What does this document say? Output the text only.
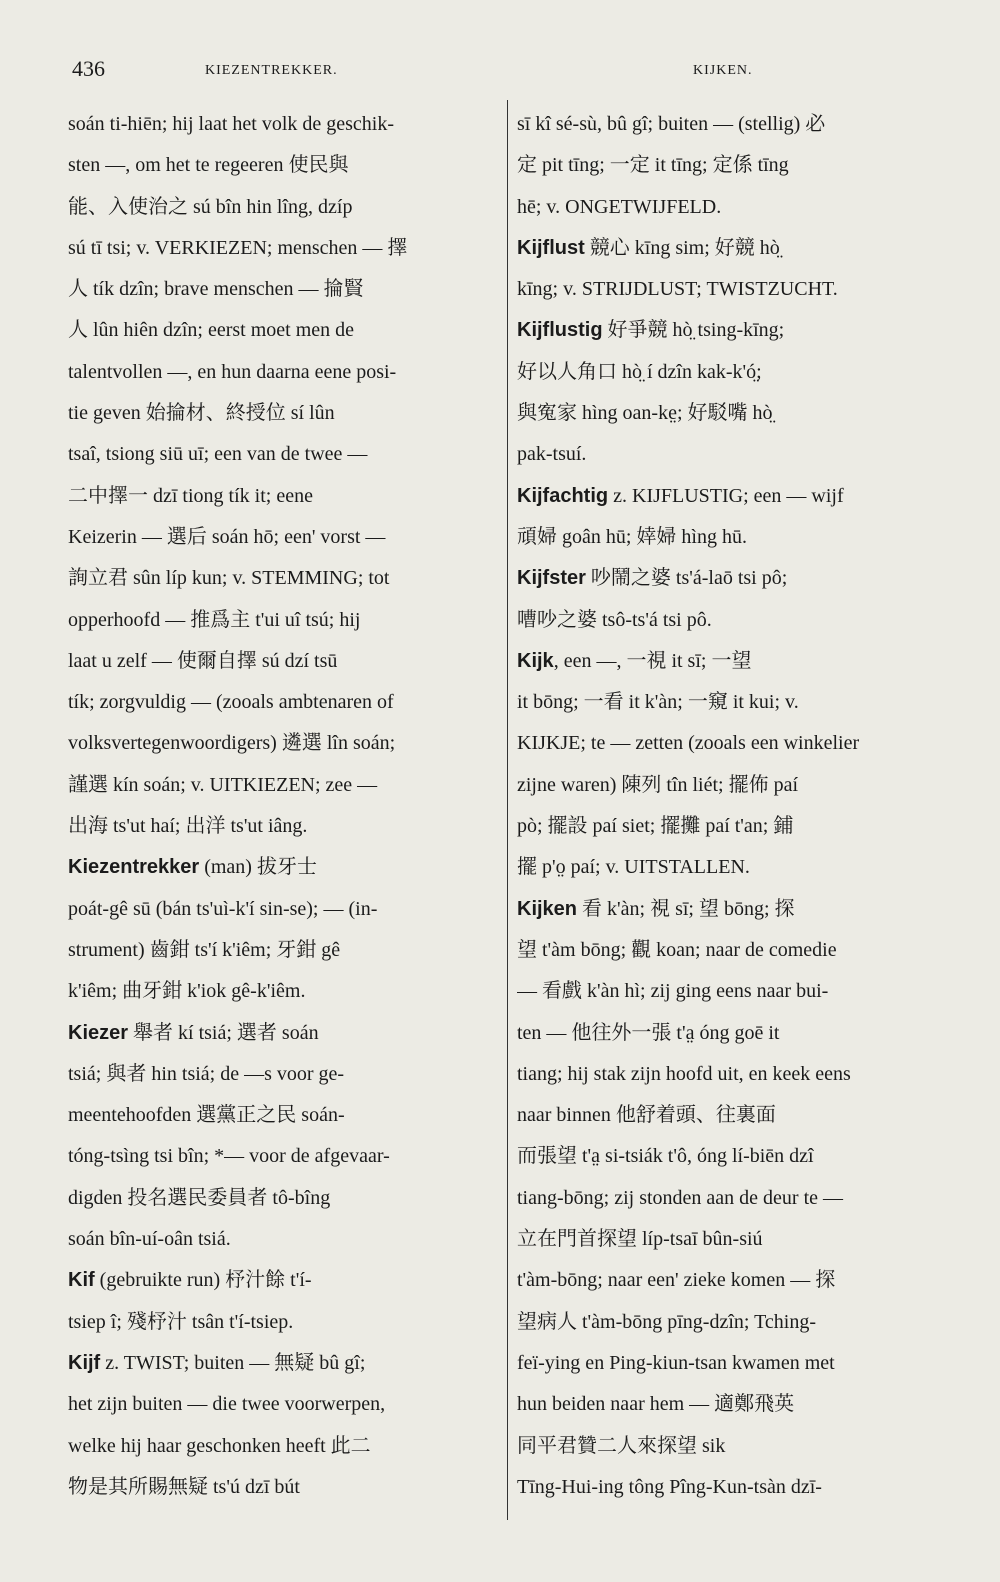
436	KIEZENTREKKER.	KIJKEN.
soán ti-hiēn; hij laat het volk de geschik-
sten —, om het te regeeren 使民與
能、入使治之 sú bîn hin lîng, dzíp
sú tī tsi; v. VERKIEZEN; menschen — 擇
人 tík dzîn; brave menschen — 掄賢
人 lûn hiên dzîn; eerst moet men de
talentvollen —, en hun daarna eene posi-
tie geven 始掄材、終授位 sí lûn
tsaî, tsiong siū uī; een van de twee —
二中擇一 dzī tiong tík it; eene
Keizerin — 選后 soán hō; een' vorst —
詢立君 sûn líp kun; v. STEMMING; tot
opperhoofd — 推爲主 t'ui uî tsú; hij
laat u zelf — 使爾自擇 sú dzí tsū
tík; zorgvuldig — (zooals ambtenaren of
volksvertegenwoordigers) 遴選 lîn soán;
謹選 kín soán; v. UITKIEZEN; zee —
出海 ts'ut haí; 出洋 ts'ut iâng.
Kiezentrekker (man) 拔牙士
poát-gê sū (bán ts'uì-k'í sin-se); — (in-
strument) 齒鉗 ts'í k'iêm; 牙鉗 gê
k'iêm; 曲牙鉗 k'iok gê-k'iêm.
Kiezer 舉者 kí tsiá; 選者 soán
tsiá; 與者 hin tsiá; de —s voor ge-
meentehoofden 選黨正之民 soán-
tóng-tsìng tsi bîn; *— voor de afgevaar-
digden 投名選民委員者 tô-bîng
soán bîn-uí-oân tsiá.
Kif (gebruikte run) 杼汁餘 t'í-
tsiep î; 殘杼汁 tsân t'í-tsiep.
Kijf z. TWIST; buiten — 無疑 bû gî;
het zijn buiten — die twee voorwerpen,
welke hij haar geschonken heeft 此二
物是其所賜無疑 ts'ú dzī bút
sī kî sé-sù, bû gî; buiten — (stellig) 必
定 pit tīng; 一定 it tīng; 定係 tīng
hē; v. ONGETWIJFELD.
Kijflust 競心 kīng sim; 好競 hò̤
kīng; v. STRIJDLUST; TWISTZUCHT.
Kijflustig 好爭競 hò̤ tsing-kīng;
好以人角口 hò̤ í dzîn kak-k'ó̤;
與寃家 hìng oan-ke̤; 好駁嘴 hò̤
pak-tsuí.
Kijfachtig z. KIJFLUSTIG; een — wijf
頑婦 goân hū; 婞婦 hìng hū.
Kijfster 吵鬧之婆 ts'á-laō tsi pô;
嘈吵之婆 tsô-ts'á tsi pô.
Kijk, een —, 一視 it sī; 一望
it bōng; 一看 it k'àn; 一窺 it kui; v.
KIJKJE; te — zetten (zooals een winkelier
zijne waren) 陳列 tîn liét; 擺佈 paí
pò; 擺設 paí siet; 擺攤 paí t'an; 鋪
擺 p'o̤ paí; v. UITSTALLEN.
Kijken 看 k'àn; 視 sī; 望 bōng; 探
望 t'àm bōng; 觀 koan; naar de comedie
— 看戲 k'àn hì; zij ging eens naar bui-
ten — 他往外一張 t'a̤ óng goē it
tiang; hij stak zijn hoofd uit, en keek eens
naar binnen 他舒着頭、往裏面
而張望 t'a̤ si-tsiák t'ô, óng lí-biēn dzî
tiang-bōng; zij stonden aan de deur te —
立在門首探望 líp-tsaī bûn-siú
t'àm-bōng; naar een' zieke komen — 探
望病人 t'àm-bōng pīng-dzîn; Tching-
feï-ying en Ping-kiun-tsan kwamen met
hun beiden naar hem — 適鄭飛英
同平君贊二人來探望 sik
Tīng-Hui-ing tông Pîng-Kun-tsàn dzī-
